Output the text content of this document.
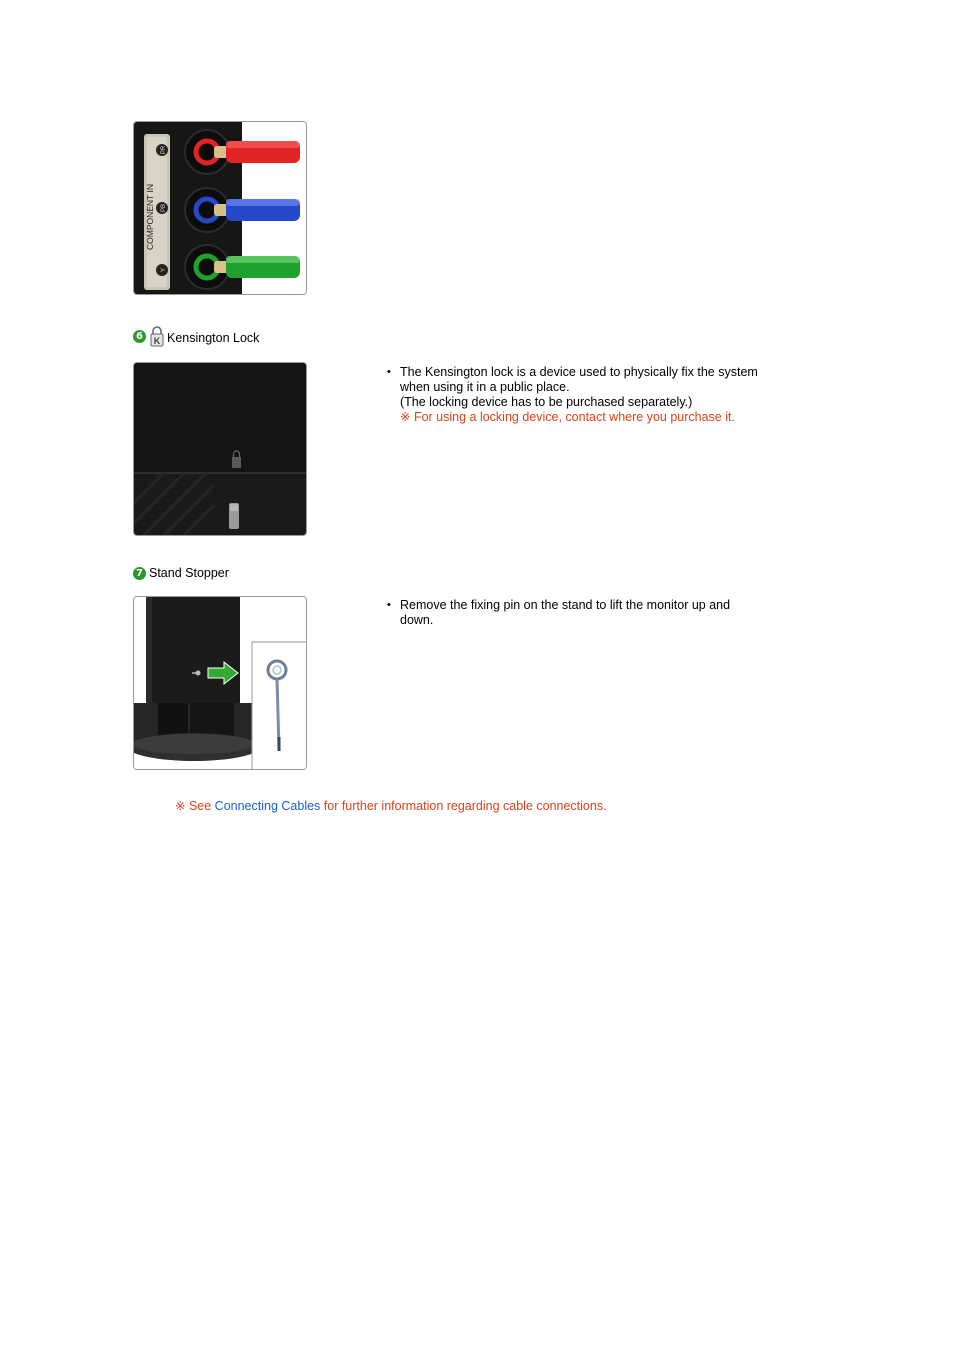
COMPONENT IN
PR
PB
Y
6	K Kensington Lock
• The Kensington lock is a device used to physically fix the system when using it in a public place.
(The locking device has to be purchased separately.)
※ For using a locking device, contact where you purchase it.
7 Stand Stopper
• Remove the fixing pin on the stand to lift the monitor up and down.
※ See Connecting Cables for further information regarding cable connections.
